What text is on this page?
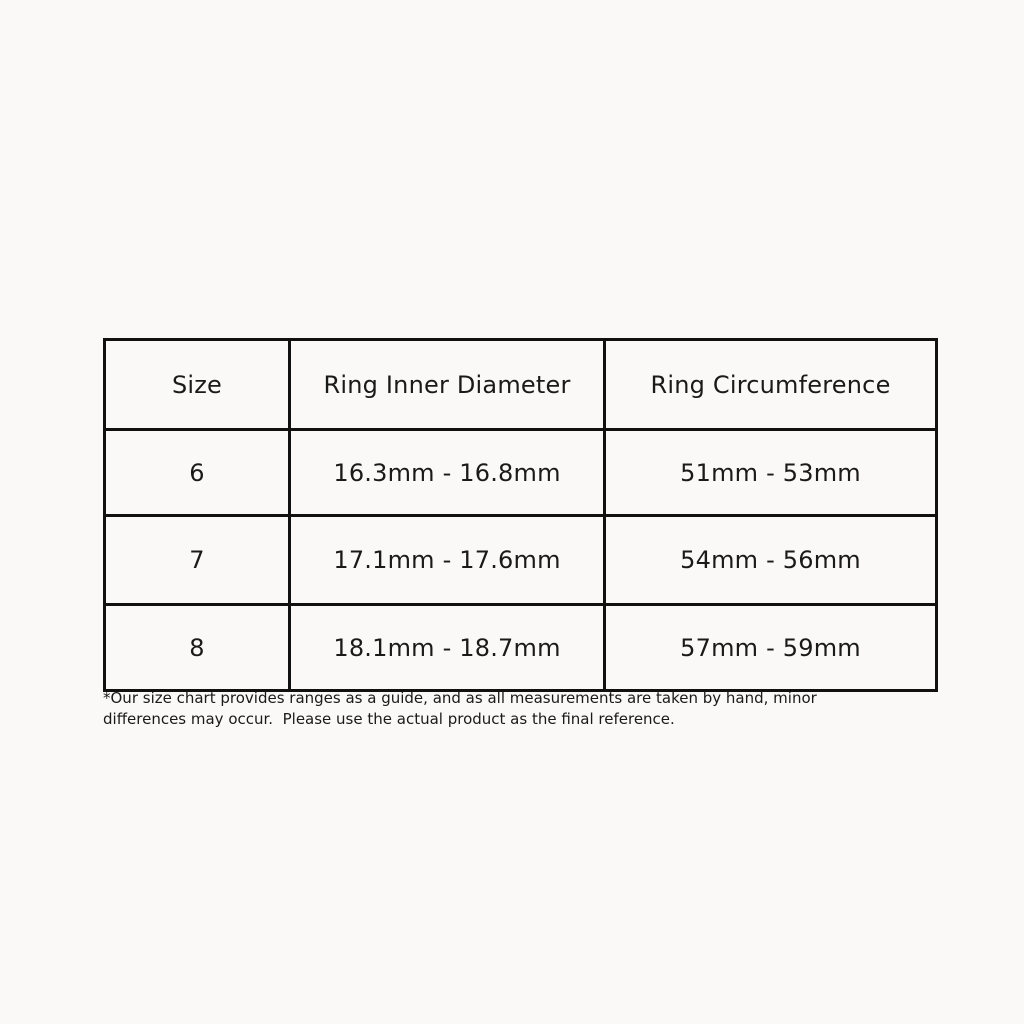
Size	Ring Inner Diameter	Ring Circumference
6	16.3mm - 16.8mm	51mm - 53mm
7	17.1mm - 17.6mm	54mm - 56mm
8	18.1mm - 18.7mm	57mm - 59mm

*Our size chart provides ranges as a guide, and as all measurements are taken by hand, minor
differences may occur.  Please use the actual product as the final reference.
